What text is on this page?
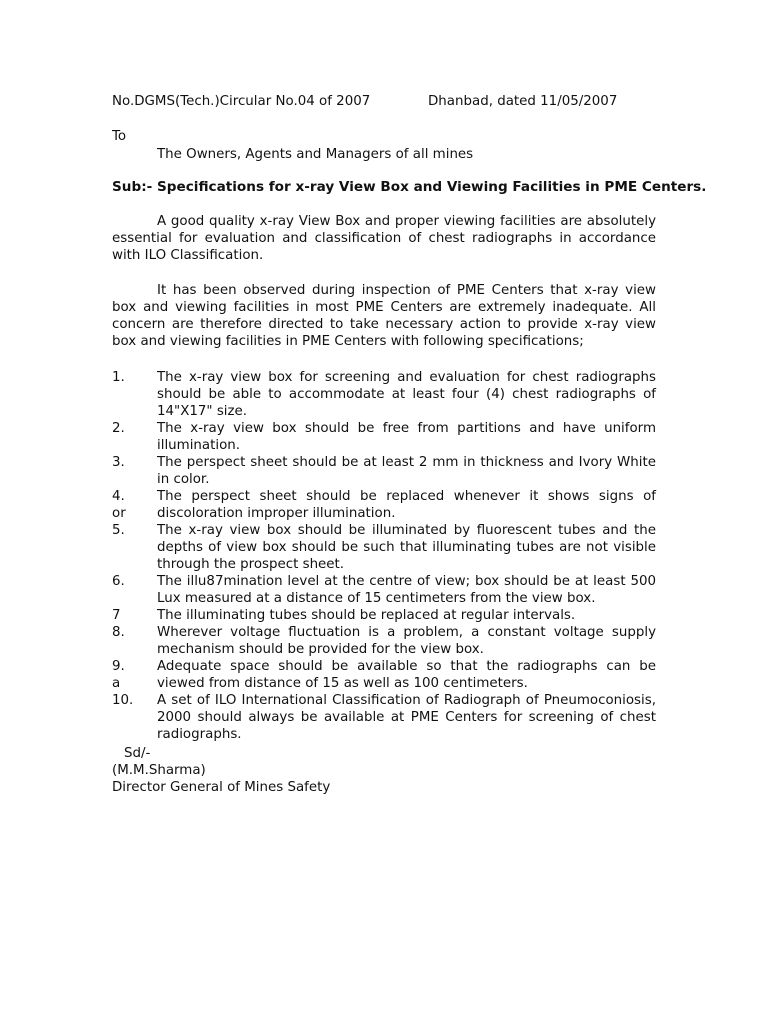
No.DGMS(Tech.)Circular No.04 of 2007	Dhanbad, dated 11/05/2007
To
The Owners, Agents and Managers of all mines
Sub:- Specifications for x-ray View Box and Viewing Facilities in PME Centers.
A good quality x-ray View Box and proper viewing facilities are absolutely essential for evaluation and classification of chest radiographs in accordance with ILO Classification.
It has been observed during inspection of PME Centers that x-ray view box and viewing facilities in most PME Centers are extremely inadequate. All concern are therefore directed to take necessary action to provide x-ray view box and viewing facilities in PME Centers with following specifications;
1. The x-ray view box for screening and evaluation for chest radiographs should be able to accommodate at least four (4) chest radiographs of 14"X17" size.
2. The x-ray view box should be free from partitions and have uniform illumination.
3. The perspect sheet should be at least 2 mm in thickness and Ivory White in color.
4.
or
The perspect sheet should be replaced whenever it shows signs of discoloration improper illumination.
5. The x-ray view box should be illuminated by fluorescent tubes and the depths of view box should be such that illuminating tubes are not visible through the prospect sheet.
6. The illu87mination level at the centre of view; box should be at least 500 Lux measured at a distance of 15 centimeters from the view box.
7	The illuminating tubes should be replaced at regular intervals.
8. Wherever voltage fluctuation is a problem, a constant voltage supply mechanism should be provided for the view box.
9.
a
Adequate space should be available so that the radiographs can be viewed from distance of 15 as well as 100 centimeters.
10. A set of ILO International Classification of Radiograph of Pneumoconiosis, 2000 should always be available at PME Centers for screening of chest radiographs.
Sd/-
(M.M.Sharma)
Director General of Mines Safety
